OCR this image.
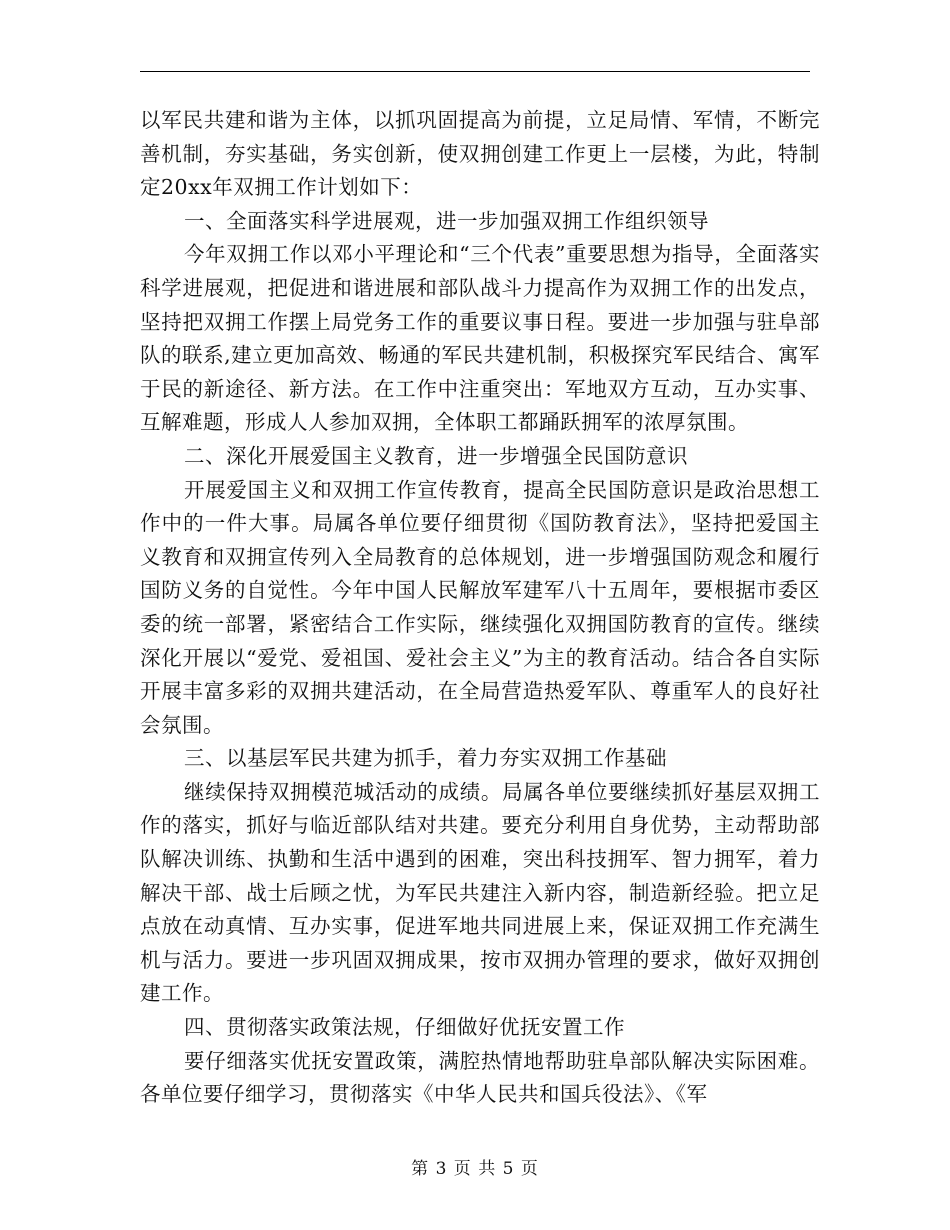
以军民共建和谐为主体，以抓巩固提高为前提，立足局情、军情，不断完善机制，夯实基础，务实创新，使双拥创建工作更上一层楼，为此，特制定20xx年双拥工作计划如下：

一、全面落实科学进展观，进一步加强双拥工作组织领导

今年双拥工作以邓小平理论和“三个代表”重要思想为指导，全面落实科学进展观，把促进和谐进展和部队战斗力提高作为双拥工作的出发点，坚持把双拥工作摆上局党务工作的重要议事日程。要进一步加强与驻阜部队的联系,建立更加高效、畅通的军民共建机制，积极探究军民结合、寓军于民的新途径、新方法。在工作中注重突出：军地双方互动，互办实事、互解难题，形成人人参加双拥，全体职工都踊跃拥军的浓厚氛围。

二、深化开展爱国主义教育，进一步增强全民国防意识

开展爱国主义和双拥工作宣传教育，提高全民国防意识是政治思想工作中的一件大事。局属各单位要仔细贯彻《国防教育法》，坚持把爱国主义教育和双拥宣传列入全局教育的总体规划，进一步增强国防观念和履行国防义务的自觉性。今年中国人民解放军建军八十五周年，要根据市委区委的统一部署，紧密结合工作实际，继续强化双拥国防教育的宣传。继续深化开展以“爱党、爱祖国、爱社会主义”为主的教育活动。结合各自实际开展丰富多彩的双拥共建活动，在全局营造热爱军队、尊重军人的良好社会氛围。

三、以基层军民共建为抓手，着力夯实双拥工作基础

继续保持双拥模范城活动的成绩。局属各单位要继续抓好基层双拥工作的落实，抓好与临近部队结对共建。要充分利用自身优势，主动帮助部队解决训练、执勤和生活中遇到的困难，突出科技拥军、智力拥军，着力解决干部、战士后顾之忧，为军民共建注入新内容，制造新经验。把立足点放在动真情、互办实事，促进军地共同进展上来，保证双拥工作充满生机与活力。要进一步巩固双拥成果，按市双拥办管理的要求，做好双拥创建工作。

四、贯彻落实政策法规，仔细做好优抚安置工作

要仔细落实优抚安置政策，满腔热情地帮助驻阜部队解决实际困难。各单位要仔细学习，贯彻落实《中华人民共和国兵役法》、《军

第 3 页 共 5 页
